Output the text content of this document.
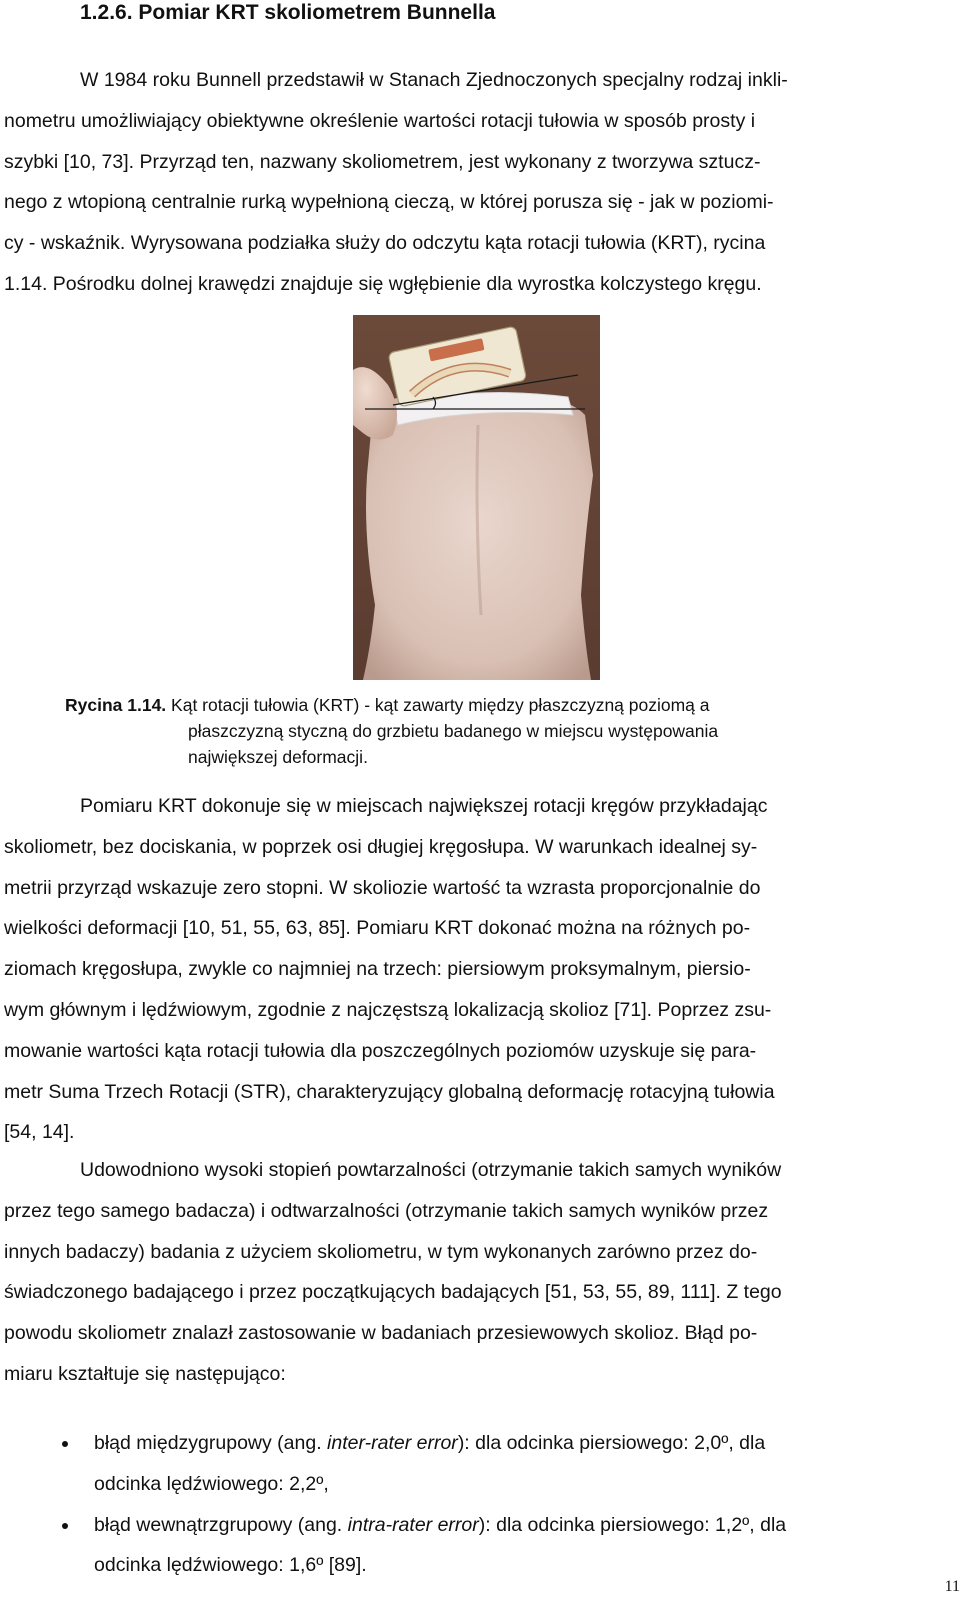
1.2.6. Pomiar KRT skoliometrem Bunnella

W 1984 roku Bunnell przedstawił w Stanach Zjednoczonych specjalny rodzaj inkli-
nometru umożliwiający obiektywne określenie wartości rotacji tułowia w sposób prosty i
szybki [10, 73]. Przyrząd ten, nazwany skoliometrem, jest wykonany z tworzywa sztucz-
nego z wtopioną centralnie rurką wypełnioną cieczą, w której porusza się - jak w poziomi-
cy - wskaźnik. Wyrysowana podziałka służy do odczytu kąta rotacji tułowia (KRT), rycina
1.14. Pośrodku dolnej krawędzi znajduje się wgłębienie dla wyrostka kolczystego kręgu.

Rycina 1.14. Kąt rotacji tułowia (KRT) - kąt zawarty między płaszczyzną poziomą a
płaszczyzną styczną do grzbietu badanego w miejscu występowania
największej deformacji.

Pomiaru KRT dokonuje się w miejscach największej rotacji kręgów przykładając
skoliometr, bez dociskania, w poprzek osi długiej kręgosłupa. W warunkach idealnej sy-
metrii przyrząd wskazuje zero stopni. W skoliozie wartość ta wzrasta proporcjonalnie do
wielkości deformacji [10, 51, 55, 63, 85]. Pomiaru KRT dokonać można na różnych po-
ziomach kręgosłupa, zwykle co najmniej na trzech: piersiowym proksymalnym, piersio-
wym głównym i lędźwiowym, zgodnie z najczęstszą lokalizacją skolioz [71]. Poprzez zsu-
mowanie wartości kąta rotacji tułowia dla poszczególnych poziomów uzyskuje się para-
metr Suma Trzech Rotacji (STR), charakteryzujący globalną deformację rotacyjną tułowia
[54, 14].

Udowodniono wysoki stopień powtarzalności (otrzymanie takich samych wyników
przez tego samego badacza) i odtwarzalności (otrzymanie takich samych wyników przez
innych badaczy) badania z użyciem skoliometru, w tym wykonanych zarówno przez do-
świadczonego badającego i przez początkujących badających [51, 53, 55, 89, 111]. Z tego
powodu skoliometr znalazł zastosowanie w badaniach przesiewowych skolioz. Błąd po-
miaru kształtuje się następująco:

błąd międzygrupowy (ang. inter-rater error): dla odcinka piersiowego: 2,0º, dla
odcinka lędźwiowego: 2,2º,
błąd wewnątrzgrupowy (ang. intra-rater error): dla odcinka piersiowego: 1,2º, dla
odcinka lędźwiowego: 1,6º [89].
11
